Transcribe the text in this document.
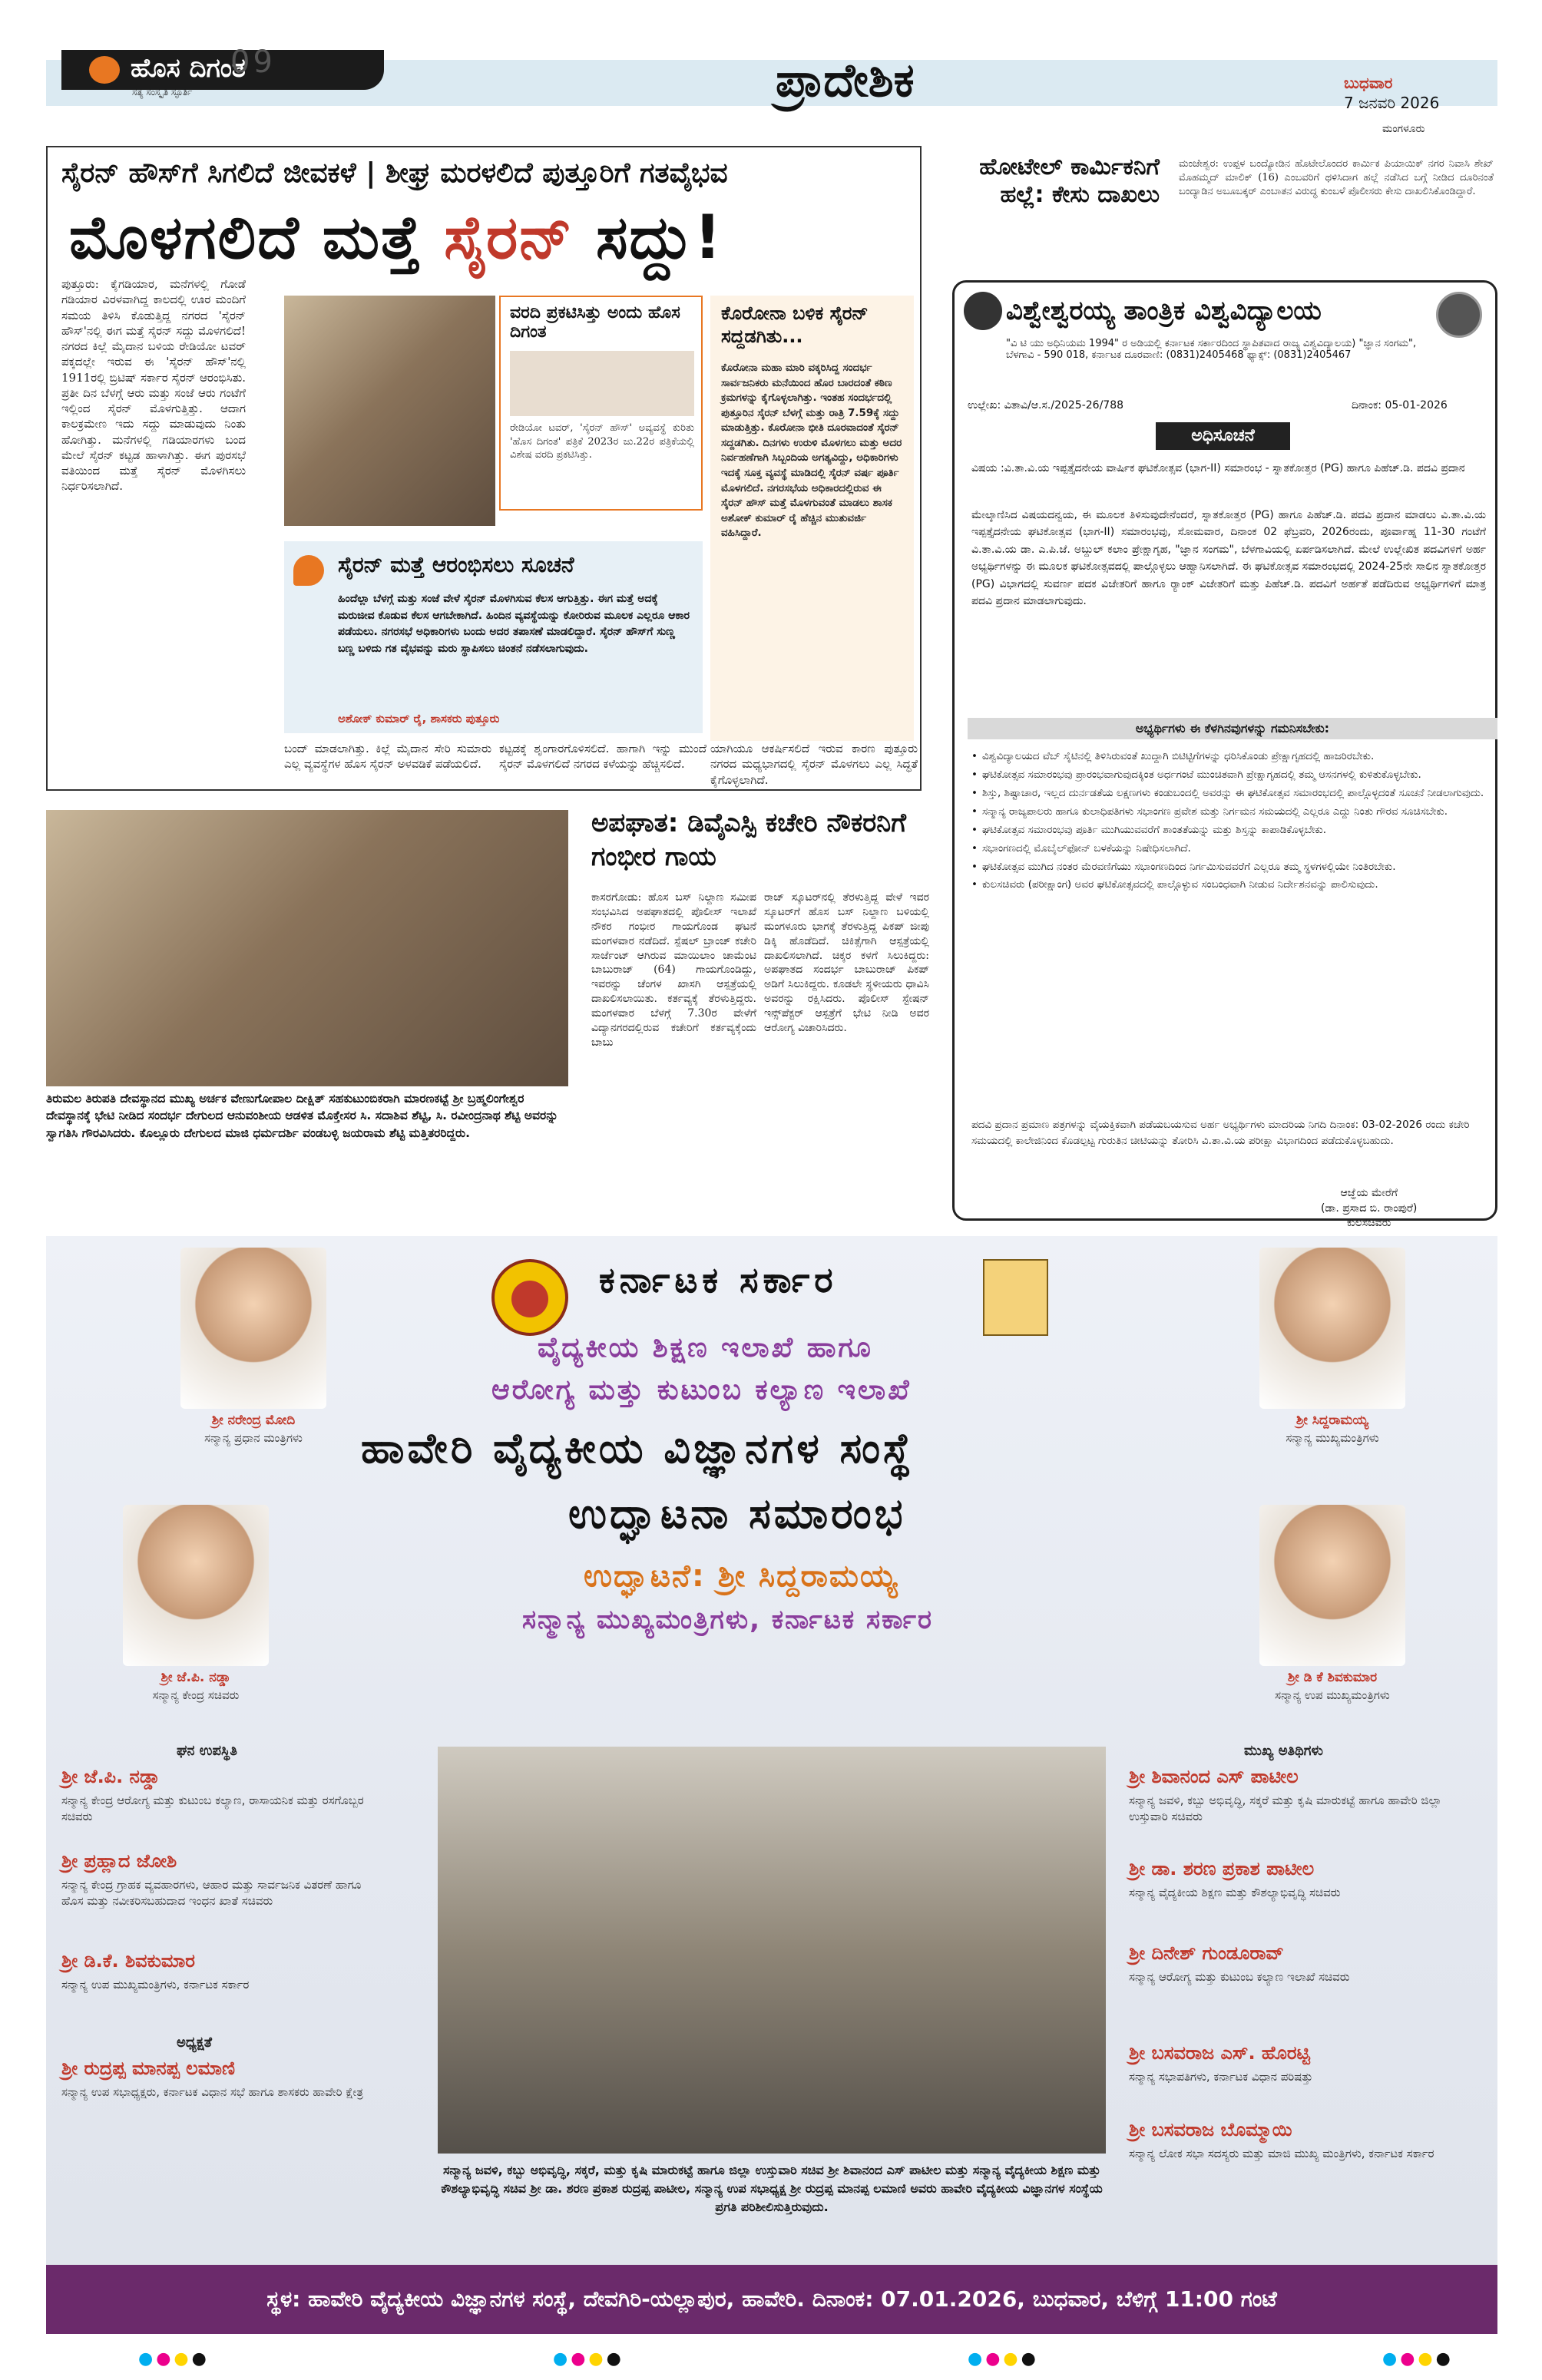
ಹೊಸ ದಿಗಂತ
ಸತ್ಯ ಸಂಸ್ಕೃತಿ ಸ್ಫೂರ್ತಿ
09	ಪ್ರಾದೇಶಿಕ	ಬುಧವಾರ
7 ಜನವರಿ 2026
ಮಂಗಳೂರು
ಸೈರನ್ ಹೌಸ್‌ಗೆ ಸಿಗಲಿದೆ ಜೀವಕಳೆ | ಶೀಘ್ರ ಮರಳಲಿದೆ ಪುತ್ತೂರಿಗೆ ಗತವೈಭವ
ಮೊಳಗಲಿದೆ ಮತ್ತೆ ಸೈರನ್ ಸದ್ದು!
ಪುತ್ತೂರು: ಕೈಗಡಿಯಾರ, ಮನೆಗಳಲ್ಲಿ ಗೋಡೆ ಗಡಿಯಾರ ವಿರಳವಾಗಿದ್ದ ಕಾಲದಲ್ಲಿ ಊರ ಮಂದಿಗೆ ಸಮಯ ತಿಳಿಸಿ ಕೊಡುತ್ತಿದ್ದ ನಗರದ 'ಸೈರನ್ ಹೌಸ್'ನಲ್ಲಿ ಈಗ ಮತ್ತೆ ಸೈರನ್ ಸದ್ದು ಮೊಳಗಲಿದೆ! ನಗರದ ಕಿಲ್ಲೆ ಮೈದಾನ ಬಳಿಯ ರೇಡಿಯೋ ಟವರ್ ಪಕ್ಕದಲ್ಲೇ ಇರುವ ಈ 'ಸೈರನ್ ಹೌಸ್'ನಲ್ಲಿ 1911ರಲ್ಲಿ ಬ್ರಿಟಿಷ್ ಸರ್ಕಾರ ಸೈರನ್ ಆರಂಭಿಸಿತು. ಪ್ರತೀ ದಿನ ಬೆಳಗ್ಗೆ ಆರು ಮತ್ತು ಸಂಜೆ ಆರು ಗಂಟೆಗೆ ಇಲ್ಲಿಂದ ಸೈರನ್ ಮೊಳಗುತ್ತಿತ್ತು. ಆದಾಗ ಕಾಲಕ್ರಮೇಣ ಇದು ಸದ್ದು ಮಾಡುವುದು ನಿಂತು ಹೋಗಿತ್ತು. ಮನೆಗಳಲ್ಲಿ ಗಡಿಯಾರಗಳು ಬಂದ ಮೇಲೆ ಸೈರನ್ ಕಟ್ಟಡ ಹಾಳಾಗಿತ್ತು. ಈಗ ಪುರಸಭೆ ವತಿಯಿಂದ ಮತ್ತೆ ಸೈರನ್ ಮೊಳಗಿಸಲು ನಿರ್ಧರಿಸಲಾಗಿದೆ.
ವರದಿ ಪ್ರಕಟಿಸಿತ್ತು ಅಂದು ಹೊಸ ದಿಗಂತ
ರೇಡಿಯೋ ಟವರ್, 'ಸೈರನ್ ಹೌಸ್' ಅವ್ಯವಸ್ಥೆ ಕುರಿತು 'ಹೊಸ ದಿಗಂತ' ಪತ್ರಿಕೆ 2023ರ ಜು.22ರ ಪತ್ರಿಕೆಯಲ್ಲಿ ವಿಶೇಷ ವರದಿ ಪ್ರಕಟಿಸಿತ್ತು.
ಕೊರೋನಾ ಬಳಿಕ ಸೈರನ್ ಸದ್ದಡಗಿತು...
ಕೊರೋನಾ ಮಹಾ ಮಾರಿ ವಕ್ಕರಿಸಿದ್ದ ಸಂದರ್ಭ ಸಾರ್ವಜನಿಕರು ಮನೆಯಿಂದ ಹೊರ ಬಾರದಂತೆ ಕಠಿಣ ಕ್ರಮಗಳನ್ನು ಕೈಗೊಳ್ಳಲಾಗಿತ್ತು. ಇಂತಹ ಸಂದರ್ಭದಲ್ಲಿ ಪುತ್ತೂರಿನ ಸೈರನ್ ಬೆಳಗ್ಗೆ ಮತ್ತು ರಾತ್ರಿ 7.59ಕ್ಕೆ ಸದ್ದು ಮಾಡುತ್ತಿತ್ತು. ಕೊರೋನಾ ಭೀತಿ ದೂರವಾದಂತೆ ಸೈರನ್ ಸದ್ದಡಗಿತು. ದಿನಗಳು ಉರುಳಿ ಮೊಳಗಲು ಮತ್ತು ಅದರ ನಿರ್ವಹಣೆಗಾಗಿ ಸಿಬ್ಬಂದಿಯ ಅಗತ್ಯವಿದ್ದು, ಅಧಿಕಾರಿಗಳು ಇದಕ್ಕೆ ಸೂಕ್ತ ವ್ಯವಸ್ಥೆ ಮಾಡಿದಲ್ಲಿ ಸೈರನ್ ವರ್ಷ ಪೂರ್ತಿ ಮೊಳಗಲಿದೆ. ನಗರಸಭೆಯ ಅಧಿಕಾರದಲ್ಲಿರುವ ಈ ಸೈರನ್ ಹೌಸ್ ಮತ್ತೆ ಮೊಳಗುವಂತೆ ಮಾಡಲು ಶಾಸಕ ಅಶೋಕ್ ಕುಮಾರ್ ರೈ ಹೆಚ್ಚಿನ ಮುತುವರ್ಜಿ ವಹಿಸಿದ್ದಾರೆ.
ಸೈರನ್ ಮತ್ತೆ ಆರಂಭಿಸಲು ಸೂಚನೆ
ಹಿಂದೆಲ್ಲಾ ಬೆಳಗ್ಗೆ ಮತ್ತು ಸಂಜೆ ವೇಳೆ ಸೈರನ್ ಮೊಳಗಿಸುವ ಕೆಲಸ ಆಗುತ್ತಿತ್ತು. ಈಗ ಮತ್ತೆ ಅದಕ್ಕೆ ಮರುಜೀವ ಕೊಡುವ ಕೆಲಸ ಆಗಬೇಕಾಗಿದೆ. ಹಿಂದಿನ ವ್ಯವಸ್ಥೆಯನ್ನು ಕೋರಿರುವ ಮೂಲಕ ಎಲ್ಲರೂ ಆಕಾರ ಪಡೆಯಲು. ನಗರಸಭೆ ಅಧಿಕಾರಿಗಳು ಬಂದು ಅದರ ತಪಾಸಣೆ ಮಾಡಲಿದ್ದಾರೆ. ಸೈರನ್ ಹೌಸ್‌ಗೆ ಸುಣ್ಣ ಬಣ್ಣ ಬಳಿದು ಗತ ವೈಭವನ್ನು ಮರು ಸ್ಥಾಪಿಸಲು ಚಿಂತನೆ ನಡೆಸಲಾಗುವುದು.
ಅಶೋಕ್ ಕುಮಾರ್ ರೈ, ಶಾಸಕರು ಪುತ್ತೂರು
ಬಂದ್ ಮಾಡಲಾಗಿತ್ತು. ಕಿಲ್ಲೆ ಮೈದಾನ ಸೇರಿ ಸುಮಾರು ಎಲ್ಲ ವ್ಯವಸ್ಥೆಗಳ ಹೊಸ ಸೈರನ್ ಅಳವಡಿಕೆ ಪಡೆಯಲಿದೆ.
ಕಟ್ಟಡಕ್ಕೆ ಶೃಂಗಾರಗೊಳಿಸಲಿದೆ. ಹಾಗಾಗಿ ಇನ್ನು ಮುಂದೆ ಸೈರನ್ ಮೊಳಗಲಿದೆ ನಗರದ ಕಳೆಯನ್ನು ಹೆಚ್ಚಿಸಲಿದೆ.
ಯಾಗಿಯೂ ಆಕರ್ಷಿಸಲಿದೆ ಇರುವ ಕಾರಣ ಪುತ್ತೂರು ನಗರದ ಮಧ್ಯಭಾಗದಲ್ಲಿ ಸೈರನ್ ಮೊಳಗಲು ಎಲ್ಲ ಸಿದ್ಧತೆ ಕೈಗೊಳ್ಳಲಾಗಿದೆ.
ಹೋಟೇಲ್ ಕಾರ್ಮಿಕನಿಗೆ ಹಲ್ಲೆ: ಕೇಸು ದಾಖಲು
ಮಂಜೇಶ್ವರ: ಉಪ್ಪಳ ಬಂದ್ಯೋಡಿನ ಹೊಟೇಲೊಂದರ ಕಾರ್ಮಿಕ ಪಿಯಾಯಿಕ್ ನಗರ ನಿವಾಸಿ ಶೇಖ್ ಮೊಹಮ್ಮದ್ ಮಾಲಿಕ್ (16) ಎಂಬವರಿಗೆ ಥಳಿಸಿದಾಗ ಹಲ್ಲೆ ನಡೆಸಿದ ಬಗ್ಗೆ ನೀಡಿದ ದೂರಿನಂತೆ ಬಂದ್ಯಾಡಿನ ಅಬೂಬಕ್ಕರ್ ಎಂಬಾತನ ವಿರುದ್ಧ ಕುಂಬಳೆ ಪೊಲೀಸರು ಕೇಸು ದಾಖಲಿಸಿಕೊಂಡಿದ್ದಾರೆ.
ವಿಶ್ವೇಶ್ವರಯ್ಯ ತಾಂತ್ರಿಕ ವಿಶ್ವವಿದ್ಯಾಲಯ
"ವಿ ಟಿ ಯು ಅಧಿನಿಯಮ 1994" ರ ಅಡಿಯಲ್ಲಿ ಕರ್ನಾಟಕ ಸರ್ಕಾರದಿಂದ ಸ್ಥಾಪಿತವಾದ ರಾಜ್ಯ ವಿಶ್ವವಿದ್ಯಾಲಯ) "ಜ್ಞಾನ ಸಂಗಮ", ಬೆಳಗಾವಿ - 590 018, ಕರ್ನಾಟಕ ದೂರವಾಣಿ: (0831)2405468 ಫ್ಯಾಕ್ಸ್: (0831)2405467
ಉಲ್ಲೇಖ: ವಿತಾವಿ/ಆ.ಸ./2025-26/788	ದಿನಾಂಕ: 05-01-2026
ಅಧಿಸೂಚನೆ
ವಿಷಯ :ವಿ.ತಾ.ವಿ.ಯ ಇಪ್ಪತ್ತೈದನೇಯ ವಾರ್ಷಿಕ ಘಟಿಕೋತ್ಸವ (ಭಾಗ-II) ಸಮಾರಂಭ - ಸ್ನಾತಕೋತ್ತರ (PG) ಹಾಗೂ ಪಿಹೆಚ್.ಡಿ. ಪದವಿ ಪ್ರದಾನ
ಮೇಲ್ಕಾಣಿಸಿದ ವಿಷಯದನ್ವಯ, ಈ ಮೂಲಕ ತಿಳಿಸುವುದೇನೆಂದರೆ, ಸ್ನಾತಕೋತ್ತರ (PG) ಹಾಗೂ ಪಿಹೆಚ್.ಡಿ. ಪದವಿ ಪ್ರದಾನ ಮಾಡಲು ವಿ.ತಾ.ವಿ.ಯ ಇಪ್ಪತ್ತೈದನೇಯ ಘಟಿಕೋತ್ಸವ (ಭಾಗ-II) ಸಮಾರಂಭವು, ಸೋಮವಾರ, ದಿನಾಂಕ 02 ಫೆಬ್ರವರಿ, 2026ರಂದು, ಪೂರ್ವಾಹ್ನ 11-30 ಗಂಟೆಗೆ ವಿ.ತಾ.ವಿ.ಯ ಡಾ. ಎ.ಪಿ.ಜೆ. ಅಬ್ದುಲ್ ಕಲಾಂ ಪ್ರೇಕ್ಷಾಗೃಹ, "ಜ್ಞಾನ ಸಂಗಮ", ಬೆಳಗಾವಿಯಲ್ಲಿ ಏರ್ಪಡಿಸಲಾಗಿದೆ. ಮೇಲೆ ಉಲ್ಲೇಖಿತ ಪದವಿಗಳಿಗೆ ಅರ್ಹ ಅಭ್ಯರ್ಥಿಗಳನ್ನು ಈ ಮೂಲಕ ಘಟಿಕೋತ್ಸವದಲ್ಲಿ ಪಾಲ್ಗೊಳ್ಳಲು ಆಹ್ವಾನಿಸಲಾಗಿದೆ. ಈ ಘಟಿಕೋತ್ಸವ ಸಮಾರಂಭದಲ್ಲಿ 2024-25ನೇ ಸಾಲಿನ ಸ್ನಾತಕೋತ್ತರ (PG) ವಿಭಾಗದಲ್ಲಿ ಸುವರ್ಣ ಪದಕ ವಿಜೇತರಿಗೆ ಹಾಗೂ ರ್‍ಯಾಂಕ್ ವಿಜೇತರಿಗೆ ಮತ್ತು ಪಿಹೆಚ್.ಡಿ. ಪದವಿಗೆ ಅರ್ಹತೆ ಪಡೆದಿರುವ ಅಭ್ಯರ್ಥಿಗಳಿಗೆ ಮಾತ್ರ ಪದವಿ ಪ್ರದಾನ ಮಾಡಲಾಗುವುದು.
ಅಭ್ಯರ್ಥಿಗಳು ಈ ಕೆಳಗಿನವುಗಳನ್ನು ಗಮನಿಸಬೇಕು:
• ವಿಶ್ವವಿದ್ಯಾಲಯದ ವೆಬ್ ಸೈಟಿನಲ್ಲಿ ತಿಳಿಸಿರುವಂತೆ ಖುದ್ದಾಗಿ ಬಿಟಿಟ್ಟಿಗೆಗಳನ್ನು ಧರಿಸಿಕೊಂಡು ಪ್ರೇಕ್ಷಾಗೃಹದಲ್ಲಿ ಹಾಜರಿರಬೇಕು.
• ಘಟಿಕೋತ್ಸವ ಸಮಾರಂಭವು ಪ್ರಾರಂಭವಾಗುವುದಕ್ಕಿಂತ ಅರ್ಧಗಂಟೆ ಮುಂಚಿತವಾಗಿ ಪ್ರೇಕ್ಷಾಗೃಹದಲ್ಲಿ ತಮ್ಮ ಆಸನಗಳಲ್ಲಿ ಕುಳಿತುಕೊಳ್ಳಬೇಕು.
• ಶಿಸ್ತು, ಶಿಷ್ಟಾಚಾರ, ಇಲ್ಲದ ದುರ್ನಡತೆಯ ಲಕ್ಷಣಗಳು ಕಂಡುಬಂದಲ್ಲಿ ಅವರನ್ನು ಈ ಘಟಿಕೋತ್ಸವ ಸಮಾರಂಭದಲ್ಲಿ ಪಾಲ್ಗೊಳ್ಳದಂತೆ ಸೂಚನೆ ನೀಡಲಾಗುವುದು.
• ಸನ್ಮಾನ್ಯ ರಾಜ್ಯಪಾಲರು ಹಾಗೂ ಕುಲಾಧಿಪತಿಗಳು ಸಭಾಂಗಣ ಪ್ರವೇಶ ಮತ್ತು ನಿರ್ಗಮನ ಸಮಯದಲ್ಲಿ ಎಲ್ಲರೂ ಎದ್ದು ನಿಂತು ಗೌರವ ಸೂಚಿಸಬೇಕು.
• ಘಟಿಕೋತ್ಸವ ಸಮಾರಂಭವು ಪೂರ್ತಿ ಮುಗಿಯುವವರೆಗೆ ಶಾಂತತೆಯನ್ನು ಮತ್ತು ಶಿಸ್ತನ್ನು ಕಾಪಾಡಿಕೊಳ್ಳಬೇಕು.
• ಸಭಾಂಗಣದಲ್ಲಿ ಮೊಬೈಲ್‌ಫೋನ್ ಬಳಕೆಯನ್ನು ನಿಷೇಧಿಸಲಾಗಿದೆ.
• ಘಟಿಕೋತ್ಸವ ಮುಗಿದ ನಂತರ ಮೆರವಣಿಗೆಯು ಸಭಾಂಗಣದಿಂದ ನಿರ್ಗಮಿಸುವವರೆಗೆ ಎಲ್ಲರೂ ತಮ್ಮ ಸ್ಥಳಗಳಲ್ಲಿಯೇ ನಿಂತಿರಬೇಕು.
• ಕುಲಸಚಿವರು (ಪರೀಕ್ಷಾಂಗ) ಅವರ ಘಟಿಕೋತ್ಸವದಲ್ಲಿ ಪಾಲ್ಗೊಳ್ಳುವ ಸಂಬಂಧವಾಗಿ ನೀಡುವ ನಿರ್ದೇಶನವನ್ನು ಪಾಲಿಸುವುದು.
ಪದವಿ ಪ್ರದಾನ ಪ್ರಮಾಣ ಪತ್ರಗಳನ್ನು ವೈಯಕ್ತಿಕವಾಗಿ ಪಡೆಯಬಯಸುವ ಅರ್ಹ ಅಭ್ಯರ್ಥಿಗಳು ಮಾದರಿಯ ನಿಗದಿ ದಿನಾಂಕ: 03-02-2026 ರಂದು ಕಚೇರಿ ಸಮಯದಲ್ಲಿ ಕಾಲೇಜಿನಿಂದ ಕೊಡಲ್ಪಟ್ಟ ಗುರುತಿನ ಚೀಟಿಯನ್ನು ತೋರಿಸಿ ವಿ.ತಾ.ವಿ.ಯ ಪರೀಕ್ಷಾ ವಿಭಾಗದಿಂದ ಪಡೆದುಕೊಳ್ಳಬಹುದು.
ಆಜ್ಞೆಯ ಮೇರೆಗೆ
(ಡಾ. ಪ್ರಸಾದ ಬಿ. ರಾಂಪುರೆ)
ಕುಲಸಚಿವರು
ತಿರುಮಲ ತಿರುಪತಿ ದೇವಸ್ಥಾನದ ಮುಖ್ಯ ಅರ್ಚಕ ವೇಣುಗೋಪಾಲ ದೀಕ್ಷಿತ್ ಸಹಕುಟುಂಬಿಕರಾಗಿ ಮಾರಣಕಟ್ಟೆ ಶ್ರೀ ಬ್ರಹ್ಮಲಿಂಗೇಶ್ವರ ದೇವಸ್ಥಾನಕ್ಕೆ ಭೇಟಿ ನೀಡಿದ ಸಂದರ್ಭ ದೇಗುಲದ ಆನುವಂಶೀಯ ಆಡಳಿತ ಮೊಕ್ತೇಸರ ಸಿ. ಸದಾಶಿವ ಶೆಟ್ಟಿ, ಸಿ. ರವೀಂದ್ರನಾಥ ಶೆಟ್ಟಿ ಅವರನ್ನು ಸ್ವಾಗತಿಸಿ ಗೌರವಿಸಿದರು. ಕೊಲ್ಲೂರು ದೇಗುಲದ ಮಾಜಿ ಧರ್ಮದರ್ಶಿ ವಂಡಬಳ್ಳಿ ಜಯರಾಮ ಶೆಟ್ಟಿ ಮತ್ತಿತರರಿದ್ದರು.
ಅಪಘಾತ: ಡಿವೈಎಸ್ಪಿ ಕಚೇರಿ ನೌಕರನಿಗೆ ಗಂಭೀರ ಗಾಯ
ಕಾಸರಗೋಡು: ಹೊಸ ಬಸ್ ನಿಲ್ದಾಣ ಸಮೀಪ ಸಂಭವಿಸಿದ ಅಪಘಾತದಲ್ಲಿ ಪೊಲೀಸ್ ಇಲಾಖೆ ನೌಕರ ಗಂಭೀರ ಗಾಯಗೊಂಡ ಘಟನೆ ಮಂಗಳವಾರ ನಡೆದಿದೆ. ಸ್ಪೆಷಲ್ ಬ್ರಾಂಚ್ ಕಚೇರಿ ಸಾರ್ಜೆಂಟ್ ಆಗಿರುವ ಮಾಯಿಲಾಂ ಚಾಮೆಂಟಿ ಬಾಬುರಾಜ್ (64) ಗಾಯಗೊಂಡಿದ್ದು, ಇವರನ್ನು ಚೆಂಗಳ ಖಾಸಗಿ ಆಸ್ಪತ್ರೆಯಲ್ಲಿ ದಾಖಲಿಸಲಾಯಿತು. ಕರ್ತವ್ಯಕ್ಕೆ ತೆರಳುತ್ತಿದ್ದರು. ಮಂಗಳವಾರ ಬೆಳಗ್ಗೆ 7.30ರ ವೇಳೆಗೆ ವಿದ್ಯಾನಗರದಲ್ಲಿರುವ ಕಚೇರಿಗೆ ಕರ್ತವ್ಯಕ್ಕೆಂದು ಬಾಬು
ರಾಜ್ ಸ್ಕೂಟರ್‌ನಲ್ಲಿ ತೆರಳುತ್ತಿದ್ದ ವೇಳೆ ಇವರ ಸ್ಕೂಟರ್‌ಗೆ ಹೊಸ ಬಸ್ ನಿಲ್ದಾಣ ಬಳಿಯಲ್ಲಿ ಮಂಗಳೂರು ಭಾಗಕ್ಕೆ ತೆರಳುತ್ತಿದ್ದ ಪಿಕಪ್ ಜೀಪು ಡಿಕ್ಕಿ ಹೊಡೆದಿದೆ. ಚಿಕಿತ್ಸೆಗಾಗಿ ಆಸ್ಪತ್ರೆಯಲ್ಲಿ ದಾಖಲಿಸಲಾಗಿದೆ. ಚಿಕ್ಕರ ಕಳಗೆ ಸಿಲುಕಿದ್ದರು: ಅಪಘಾತದ ಸಂದರ್ಭ ಬಾಬುರಾಜ್ ಪಿಕಪ್ ಅಡಿಗೆ ಸಿಲುಕಿದ್ದರು. ಕೂಡಲೇ ಸ್ಥಳೀಯರು ಧಾವಿಸಿ ಅವರನ್ನು ರಕ್ಷಿಸಿದರು. ಪೊಲೀಸ್ ಸ್ಟೇಷನ್ ಇನ್ಸ್‌ಪೆಕ್ಟರ್ ಆಸ್ಪತ್ರೆಗೆ ಭೇಟಿ ನೀಡಿ ಅವರ ಆರೋಗ್ಯ ವಿಚಾರಿಸಿದರು.
ಕರ್ನಾಟಕ ಸರ್ಕಾರ
ವೈದ್ಯಕೀಯ ಶಿಕ್ಷಣ ಇಲಾಖೆ ಹಾಗೂ
ಆರೋಗ್ಯ ಮತ್ತು ಕುಟುಂಬ ಕಲ್ಯಾಣ ಇಲಾಖೆ
ಹಾವೇರಿ ವೈದ್ಯಕೀಯ ವಿಜ್ಞಾನಗಳ ಸಂಸ್ಥೆ
ಉದ್ಘಾಟನಾ ಸಮಾರಂಭ
ಉದ್ಘಾಟನೆ: ಶ್ರೀ ಸಿದ್ದರಾಮಯ್ಯ
ಸನ್ಮಾನ್ಯ ಮುಖ್ಯಮಂತ್ರಿಗಳು, ಕರ್ನಾಟಕ ಸರ್ಕಾರ
ಶ್ರೀ ನರೇಂದ್ರ ಮೋದಿ
ಸನ್ಮಾನ್ಯ ಪ್ರಧಾನ ಮಂತ್ರಿಗಳು
ಶ್ರೀ ಸಿದ್ದರಾಮಯ್ಯ
ಸನ್ಮಾನ್ಯ ಮುಖ್ಯಮಂತ್ರಿಗಳು
ಶ್ರೀ ಜೆ.ಪಿ. ನಡ್ಡಾ
ಸನ್ಮಾನ್ಯ ಕೇಂದ್ರ ಸಚಿವರು
ಶ್ರೀ ಡಿ ಕೆ ಶಿವಕುಮಾರ
ಸನ್ಮಾನ್ಯ ಉಪ ಮುಖ್ಯಮಂತ್ರಿಗಳು
ಘನ ಉಪಸ್ಥಿತಿ
ಶ್ರೀ ಜೆ.ಪಿ. ನಡ್ಡಾ
ಸನ್ಮಾನ್ಯ ಕೇಂದ್ರ ಆರೋಗ್ಯ ಮತ್ತು ಕುಟುಂಬ ಕಲ್ಯಾಣ, ರಾಸಾಯನಿಕ ಮತ್ತು ರಸಗೊಬ್ಬರ ಸಚಿವರು
ಶ್ರೀ ಪ್ರಹ್ಲಾದ ಜೋಶಿ
ಸನ್ಮಾನ್ಯ ಕೇಂದ್ರ ಗ್ರಾಹಕ ವ್ಯವಹಾರಗಳು, ಆಹಾರ ಮತ್ತು ಸಾರ್ವಜನಿಕ ವಿತರಣೆ ಹಾಗೂ ಹೊಸ ಮತ್ತು ನವೀಕರಿಸಬಹುದಾದ ಇಂಧನ ಖಾತೆ ಸಚಿವರು
ಶ್ರೀ ಡಿ.ಕೆ. ಶಿವಕುಮಾರ
ಸನ್ಮಾನ್ಯ ಉಪ ಮುಖ್ಯಮಂತ್ರಿಗಳು, ಕರ್ನಾಟಕ ಸರ್ಕಾರ
ಅಧ್ಯಕ್ಷತೆ
ಶ್ರೀ ರುದ್ರಪ್ಪ ಮಾನಪ್ಪ ಲಮಾಣಿ
ಸನ್ಮಾನ್ಯ ಉಪ ಸಭಾಧ್ಯಕ್ಷರು, ಕರ್ನಾಟಕ ವಿಧಾನ ಸಭೆ ಹಾಗೂ ಶಾಸಕರು ಹಾವೇರಿ ಕ್ಷೇತ್ರ
ಮುಖ್ಯ ಅತಿಥಿಗಳು
ಶ್ರೀ ಶಿವಾನಂದ ಎಸ್ ಪಾಟೀಲ
ಸನ್ಮಾನ್ಯ ಜವಳಿ, ಕಬ್ಬು ಅಭಿವೃದ್ಧಿ, ಸಕ್ಕರೆ ಮತ್ತು ಕೃಷಿ ಮಾರುಕಟ್ಟೆ ಹಾಗೂ ಹಾವೇರಿ ಜಿಲ್ಲಾ ಉಸ್ತುವಾರಿ ಸಚಿವರು
ಶ್ರೀ ಡಾ. ಶರಣ ಪ್ರಕಾಶ ಪಾಟೀಲ
ಸನ್ಮಾನ್ಯ ವೈದ್ಯಕೀಯ ಶಿಕ್ಷಣ ಮತ್ತು ಕೌಶಲ್ಯಾಭಿವೃದ್ಧಿ ಸಚಿವರು
ಶ್ರೀ ದಿನೇಶ್ ಗುಂಡೂರಾವ್
ಸನ್ಮಾನ್ಯ ಆರೋಗ್ಯ ಮತ್ತು ಕುಟುಂಬ ಕಲ್ಯಾಣ ಇಲಾಖೆ ಸಚಿವರು
ಶ್ರೀ ಬಸವರಾಜ ಎಸ್. ಹೊರಟ್ಟಿ
ಸನ್ಮಾನ್ಯ ಸಭಾಪತಿಗಳು, ಕರ್ನಾಟಕ ವಿಧಾನ ಪರಿಷತ್ತು
ಶ್ರೀ ಬಸವರಾಜ ಬೊಮ್ಮಾಯಿ
ಸನ್ಮಾನ್ಯ ಲೋಕ ಸಭಾ ಸದಸ್ಯರು ಮತ್ತು ಮಾಜಿ ಮುಖ್ಯ ಮಂತ್ರಿಗಳು, ಕರ್ನಾಟಕ ಸರ್ಕಾರ
ಸನ್ಮಾನ್ಯ ಜವಳಿ, ಕಬ್ಬು ಅಭಿವೃದ್ಧಿ, ಸಕ್ಕರೆ, ಮತ್ತು ಕೃಷಿ ಮಾರುಕಟ್ಟೆ ಹಾಗೂ ಜಿಲ್ಲಾ ಉಸ್ತುವಾರಿ ಸಚಿವ ಶ್ರೀ ಶಿವಾನಂದ ಎಸ್ ಪಾಟೀಲ ಮತ್ತು ಸನ್ಮಾನ್ಯ ವೈದ್ಯಕೀಯ ಶಿಕ್ಷಣ ಮತ್ತು ಕೌಶಲ್ಯಾಭಿವೃದ್ಧಿ ಸಚಿವ ಶ್ರೀ ಡಾ. ಶರಣ ಪ್ರಕಾಶ ರುದ್ರಪ್ಪ ಪಾಟೀಲ, ಸನ್ಮಾನ್ಯ ಉಪ ಸಭಾಧ್ಯಕ್ಷ ಶ್ರೀ ರುದ್ರಪ್ಪ ಮಾನಪ್ಪ ಲಮಾಣಿ ಅವರು ಹಾವೇರಿ ವೈದ್ಯಕೀಯ ವಿಜ್ಞಾನಗಳ ಸಂಸ್ಥೆಯ ಪ್ರಗತಿ ಪರಿಶೀಲಿಸುತ್ತಿರುವುದು.
ಸ್ಥಳ: ಹಾವೇರಿ ವೈದ್ಯಕೀಯ ವಿಜ್ಞಾನಗಳ ಸಂಸ್ಥೆ, ದೇವಗಿರಿ-ಯಲ್ಲಾಪುರ, ಹಾವೇರಿ. ದಿನಾಂಕ: 07.01.2026, ಬುಧವಾರ, ಬೆಳಿಗ್ಗೆ 11:00 ಗಂಟೆ
●●●●	●●●●	●●●●	●●●●
